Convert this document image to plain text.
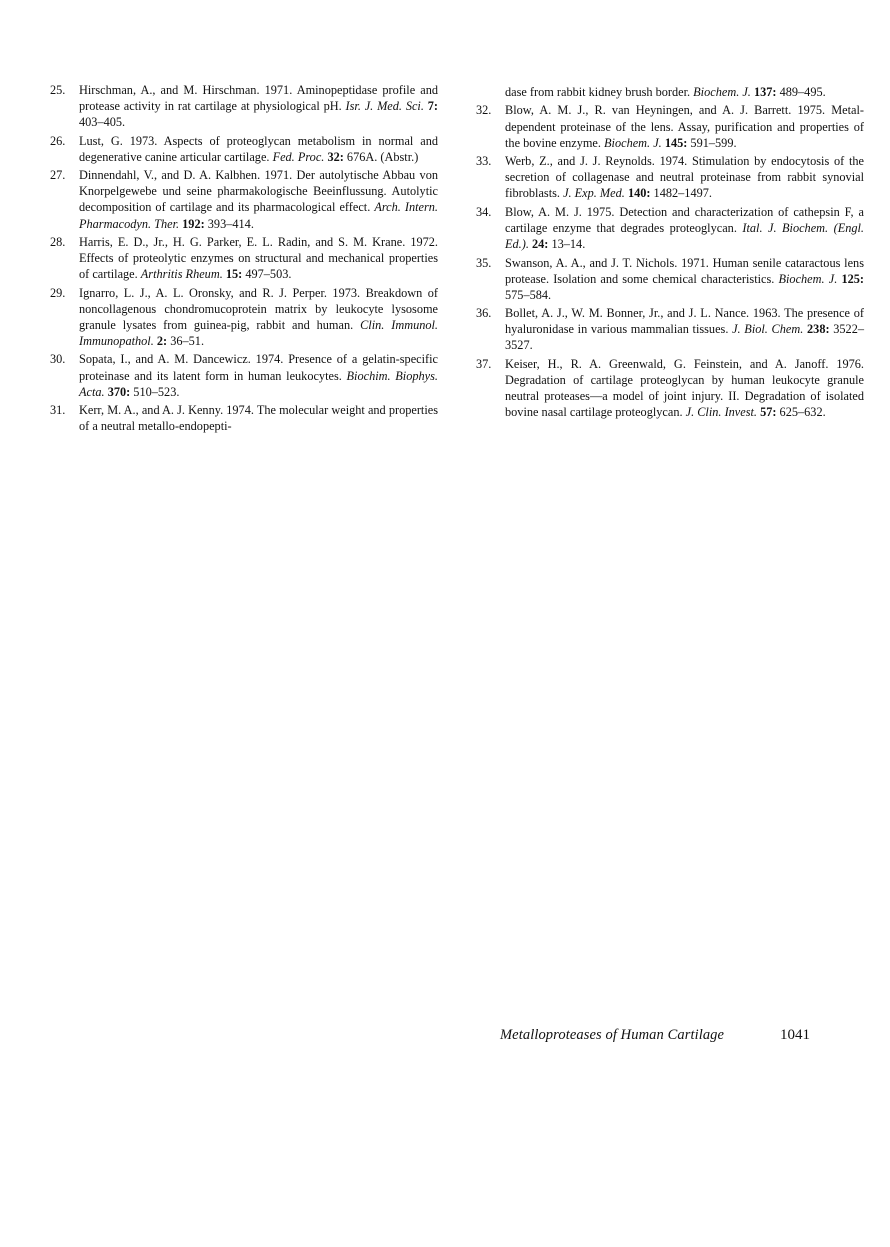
25. Hirschman, A., and M. Hirschman. 1971. Aminopeptidase profile and protease activity in rat cartilage at physiological pH. Isr. J. Med. Sci. 7: 403–405.

26. Lust, G. 1973. Aspects of proteoglycan metabolism in normal and degenerative canine articular cartilage. Fed. Proc. 32: 676A. (Abstr.)

27. Dinnendahl, V., and D. A. Kalbhen. 1971. Der autolytische Abbau von Knorpelgewebe und seine pharmakologische Beeinflussung. Autolytic decomposition of cartilage and its pharmacological effect. Arch. Intern. Pharmacodyn. Ther. 192: 393–414.

28. Harris, E. D., Jr., H. G. Parker, E. L. Radin, and S. M. Krane. 1972. Effects of proteolytic enzymes on structural and mechanical properties of cartilage. Arthritis Rheum. 15: 497–503.

29. Ignarro, L. J., A. L. Oronsky, and R. J. Perper. 1973. Breakdown of noncollagenous chondromucoprotein matrix by leukocyte lysosome granule lysates from guinea-pig, rabbit and human. Clin. Immunol. Immunopathol. 2: 36–51.

30. Sopata, I., and A. M. Dancewicz. 1974. Presence of a gelatin-specific proteinase and its latent form in human leukocytes. Biochim. Biophys. Acta. 370: 510–523.

31. Kerr, M. A., and A. J. Kenny. 1974. The molecular weight and properties of a neutral metallo-endopepti-

dase from rabbit kidney brush border. Biochem. J. 137: 489–495.

32. Blow, A. M. J., R. van Heyningen, and A. J. Barrett. 1975. Metal-dependent proteinase of the lens. Assay, purification and properties of the bovine enzyme. Biochem. J. 145: 591–599.

33. Werb, Z., and J. J. Reynolds. 1974. Stimulation by endocytosis of the secretion of collagenase and neutral proteinase from rabbit synovial fibroblasts. J. Exp. Med. 140: 1482–1497.

34. Blow, A. M. J. 1975. Detection and characterization of cathepsin F, a cartilage enzyme that degrades proteoglycan. Ital. J. Biochem. (Engl. Ed.). 24: 13–14.

35. Swanson, A. A., and J. T. Nichols. 1971. Human senile cataractous lens protease. Isolation and some chemical characteristics. Biochem. J. 125: 575–584.

36. Bollet, A. J., W. M. Bonner, Jr., and J. L. Nance. 1963. The presence of hyaluronidase in various mammalian tissues. J. Biol. Chem. 238: 3522–3527.

37. Keiser, H., R. A. Greenwald, G. Feinstein, and A. Janoff. 1976. Degradation of cartilage proteoglycan by human leukocyte granule neutral proteases—a model of joint injury. II. Degradation of isolated bovine nasal cartilage proteoglycan. J. Clin. Invest. 57: 625–632.

Metalloproteases of Human Cartilage	1041
